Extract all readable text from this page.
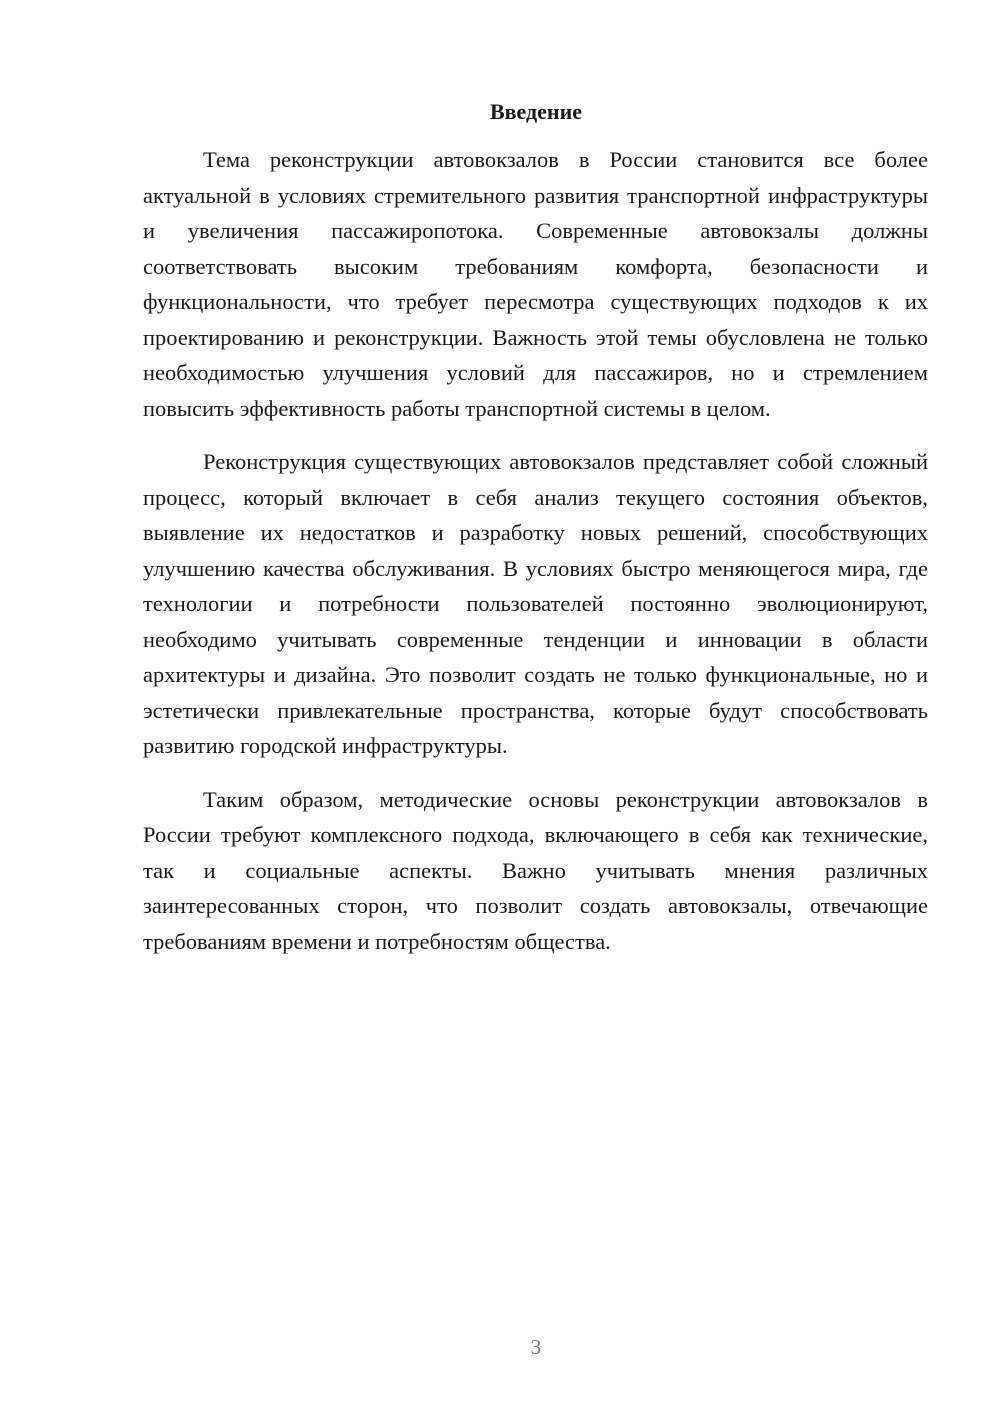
Введение

Тема реконструкции автовокзалов в России становится все более актуальной в условиях стремительного развития транспортной инфраструктуры и увеличения пассажиропотока. Современные автовокзалы должны соответствовать высоким требованиям комфорта, безопасности и функциональности, что требует пересмотра существующих подходов к их проектированию и реконструкции. Важность этой темы обусловлена не только необходимостью улучшения условий для пассажиров, но и стремлением повысить эффективность работы транспортной системы в целом.

Реконструкция существующих автовокзалов представляет собой сложный процесс, который включает в себя анализ текущего состояния объектов, выявление их недостатков и разработку новых решений, способствующих улучшению качества обслуживания. В условиях быстро меняющегося мира, где технологии и потребности пользователей постоянно эволюционируют, необходимо учитывать современные тенденции и инновации в области архитектуры и дизайна. Это позволит создать не только функциональные, но и эстетически привлекательные пространства, которые будут способствовать развитию городской инфраструктуры.

Таким образом, методические основы реконструкции автовокзалов в России требуют комплексного подхода, включающего в себя как технические, так и социальные аспекты. Важно учитывать мнения различных заинтересованных сторон, что позволит создать автовокзалы, отвечающие требованиям времени и потребностям общества.

3
